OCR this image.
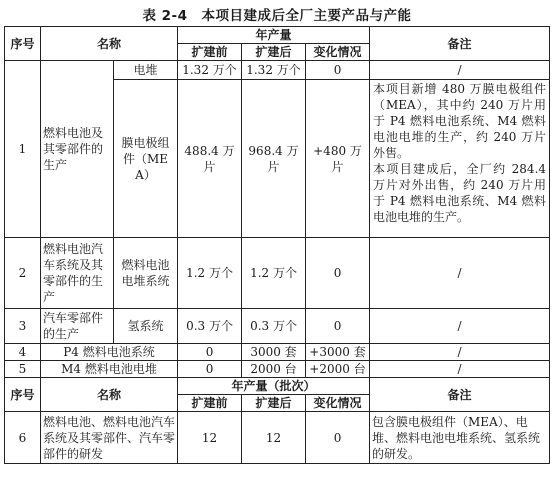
表 2-4　本项目建成后全厂主要产品与产能
序号	名称		年产量			备注
			扩建前	扩建后	变化情况	
1	燃料电池及其零部件的生产	电堆	1.32 万个	1.32 万个	0	/
		膜电极组件（MEA）	488.4 万片	968.4 万片	+480 万片	本项目新增 480 万膜电极组件（MEA），其中约 240 万片用于 P4 燃料电池系统、M4 燃料电池电堆的生产，约 240 万片外售。
本项目建成后，全厂约 284.4 万片对外出售，约 240 万片用于 P4 燃料电池系统、M4 燃料电池电堆的生产。

2	燃料电池汽车系统及其零部件的生产	燃料电池电堆系统	1.2 万个	1.2 万个	0	/
3	汽车零部件的生产	氢系统	0.3 万个	0.3 万个	0	/
4	P4 燃料电池系统		0	3000 套	+3000 套	/
5	M4 燃料电池电堆		0	2000 台	+2000 台	/
序号	名称		年产量（批次）			备注
			扩建前	扩建后	变化情况	
6	燃料电池、燃料电池汽车系统及其零部件、汽车零部件的研发		12	12	0	包含膜电极组件（MEA）、电堆、燃料电池电堆系统、氢系统的研发。
